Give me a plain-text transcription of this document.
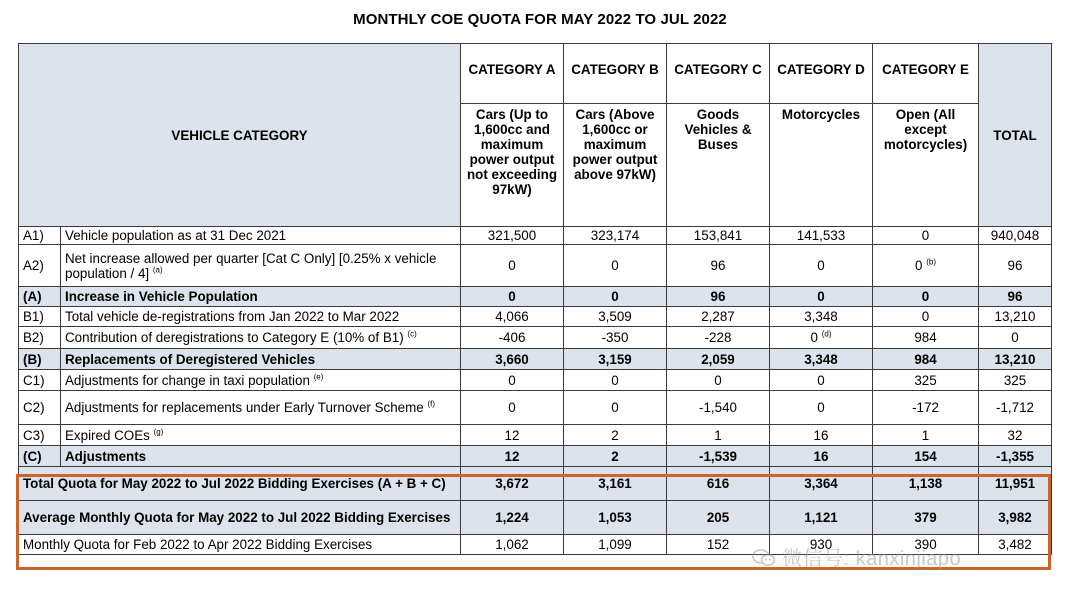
MONTHLY COE QUOTA FOR MAY 2022 TO JUL 2022
VEHICLE CATEGORY		CATEGORY A	CATEGORY B	CATEGORY C	CATEGORY D	CATEGORY E	TOTAL
		Cars (Up to 1,600cc and maximum power output not exceeding 97kW)	Cars (Above 1,600cc or maximum power output above 97kW)	Goods Vehicles & Buses	Motorcycles	Open (All except motorcycles)	
A1)	Vehicle population as at 31 Dec 2021	321,500	323,174	153,841	141,533	0	940,048
A2)	Net increase allowed per quarter [Cat C Only] [0.25% x vehicle population / 4] $^{(a)}$	0	0	96	0	0 $^{(b)}$	96
(A)	Increase in Vehicle Population	0	0	96	0	0	96
B1)	Total vehicle de-registrations from Jan 2022 to Mar 2022	4,066	3,509	2,287	3,348	0	13,210
B2)	Contribution of deregistrations to Category E (10% of B1) $^{(c)}$	-406	-350	-228	0 $^{(d)}$	984	0
(B)	Replacements of Deregistered Vehicles	3,660	3,159	2,059	3,348	984	13,210
C1)	Adjustments for change in taxi population $^{(e)}$	0	0	0	0	325	325
C2)	Adjustments for replacements under Early Turnover Scheme $^{(f)}$	0	0	-1,540	0	-172	-1,712
C3)	Expired COEs $^{(g)}$	12	2	1	16	1	32
(C)	Adjustments	12	2	-1,539	16	154	-1,355
Total Quota for May 2022 to Jul 2022 Bidding Exercises (A + B + C)		3,672	3,161	616	3,364	1,138	11,951
Average Monthly Quota for May 2022 to Jul 2022 Bidding Exercises		1,224	1,053	205	1,121	379	3,982
Monthly Quota for Feb 2022 to Apr 2022 Bidding Exercises		1,062	1,099	152	930	390	3,482
微信号: kanxinjiapo
